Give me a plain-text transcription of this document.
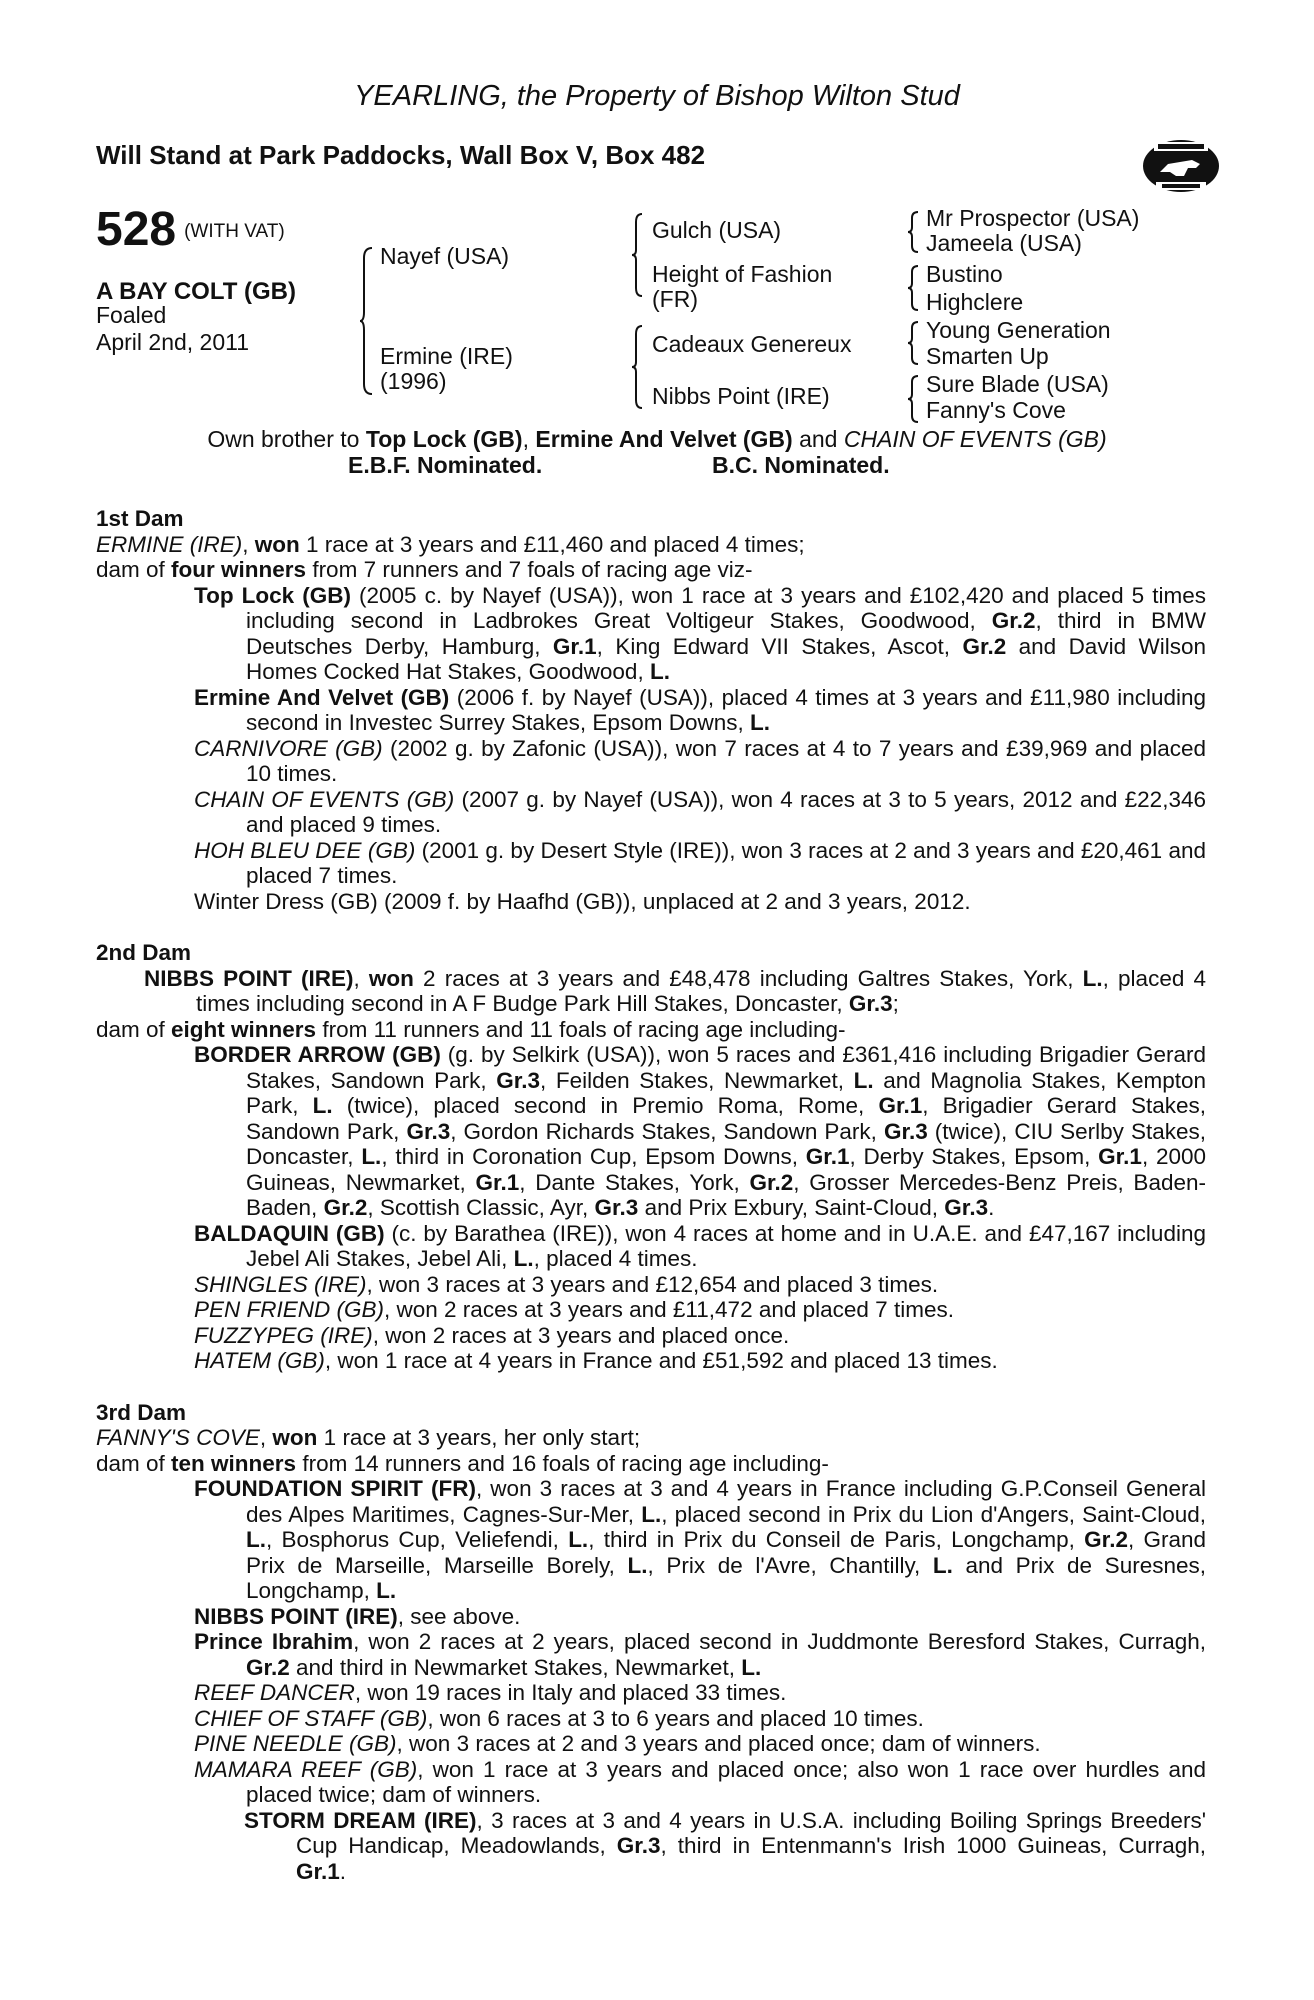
YEARLING, the Property of Bishop Wilton Stud
Will Stand at Park Paddocks, Wall Box V, Box 482
528 (WITH VAT)
A BAY COLT (GB)
Foaled
April 2nd, 2011
Nayef (USA)
Ermine (IRE)
(1996)
Gulch (USA)
Height of Fashion
(FR)
Cadeaux Genereux
Nibbs Point (IRE)
Mr Prospector (USA)
Jameela (USA)
Bustino
Highclere
Young Generation
Smarten Up
Sure Blade (USA)
Fanny's Cove
Own brother to Top Lock (GB), Ermine And Velvet (GB) and CHAIN OF EVENTS (GB)
E.B.F. Nominated.	B.C. Nominated.
1st Dam
ERMINE (IRE), won 1 race at 3 years and £11,460 and placed 4 times;
dam of four winners from 7 runners and 7 foals of racing age viz-
Top Lock (GB) (2005 c. by Nayef (USA)), won 1 race at 3 years and £102,420 and placed 5 times including second in Ladbrokes Great Voltigeur Stakes, Goodwood, Gr.2, third in BMW Deutsches Derby, Hamburg, Gr.1, King Edward VII Stakes, Ascot, Gr.2 and David Wilson Homes Cocked Hat Stakes, Goodwood, L.
Ermine And Velvet (GB) (2006 f. by Nayef (USA)), placed 4 times at 3 years and £11,980 including second in Investec Surrey Stakes, Epsom Downs, L.
CARNIVORE (GB) (2002 g. by Zafonic (USA)), won 7 races at 4 to 7 years and £39,969 and placed 10 times.
CHAIN OF EVENTS (GB) (2007 g. by Nayef (USA)), won 4 races at 3 to 5 years, 2012 and £22,346 and placed 9 times.
HOH BLEU DEE (GB) (2001 g. by Desert Style (IRE)), won 3 races at 2 and 3 years and £20,461 and placed 7 times.
Winter Dress (GB) (2009 f. by Haafhd (GB)), unplaced at 2 and 3 years, 2012.
2nd Dam
NIBBS POINT (IRE), won 2 races at 3 years and £48,478 including Galtres Stakes, York, L., placed 4 times including second in A F Budge Park Hill Stakes, Doncaster, Gr.3;
dam of eight winners from 11 runners and 11 foals of racing age including-
BORDER ARROW (GB) (g. by Selkirk (USA)), won 5 races and £361,416 including Brigadier Gerard Stakes, Sandown Park, Gr.3, Feilden Stakes, Newmarket, L. and Magnolia Stakes, Kempton Park, L. (twice), placed second in Premio Roma, Rome, Gr.1, Brigadier Gerard Stakes, Sandown Park, Gr.3, Gordon Richards Stakes, Sandown Park, Gr.3 (twice), CIU Serlby Stakes, Doncaster, L., third in Coronation Cup, Epsom Downs, Gr.1, Derby Stakes, Epsom, Gr.1, 2000 Guineas, Newmarket, Gr.1, Dante Stakes, York, Gr.2, Grosser Mercedes-Benz Preis, Baden-Baden, Gr.2, Scottish Classic, Ayr, Gr.3 and Prix Exbury, Saint-Cloud, Gr.3.
BALDAQUIN (GB) (c. by Barathea (IRE)), won 4 races at home and in U.A.E. and £47,167 including Jebel Ali Stakes, Jebel Ali, L., placed 4 times.
SHINGLES (IRE), won 3 races at 3 years and £12,654 and placed 3 times.
PEN FRIEND (GB), won 2 races at 3 years and £11,472 and placed 7 times.
FUZZYPEG (IRE), won 2 races at 3 years and placed once.
HATEM (GB), won 1 race at 4 years in France and £51,592 and placed 13 times.
3rd Dam
FANNY'S COVE, won 1 race at 3 years, her only start;
dam of ten winners from 14 runners and 16 foals of racing age including-
FOUNDATION SPIRIT (FR), won 3 races at 3 and 4 years in France including G.P.Conseil General des Alpes Maritimes, Cagnes-Sur-Mer, L., placed second in Prix du Lion d'Angers, Saint-Cloud, L., Bosphorus Cup, Veliefendi, L., third in Prix du Conseil de Paris, Longchamp, Gr.2, Grand Prix de Marseille, Marseille Borely, L., Prix de l'Avre, Chantilly, L. and Prix de Suresnes, Longchamp, L.
NIBBS POINT (IRE), see above.
Prince Ibrahim, won 2 races at 2 years, placed second in Juddmonte Beresford Stakes, Curragh, Gr.2 and third in Newmarket Stakes, Newmarket, L.
REEF DANCER, won 19 races in Italy and placed 33 times.
CHIEF OF STAFF (GB), won 6 races at 3 to 6 years and placed 10 times.
PINE NEEDLE (GB), won 3 races at 2 and 3 years and placed once; dam of winners.
MAMARA REEF (GB), won 1 race at 3 years and placed once; also won 1 race over hurdles and placed twice; dam of winners.
STORM DREAM (IRE), 3 races at 3 and 4 years in U.S.A. including Boiling Springs Breeders' Cup Handicap, Meadowlands, Gr.3, third in Entenmann's Irish 1000 Guineas, Curragh, Gr.1.
